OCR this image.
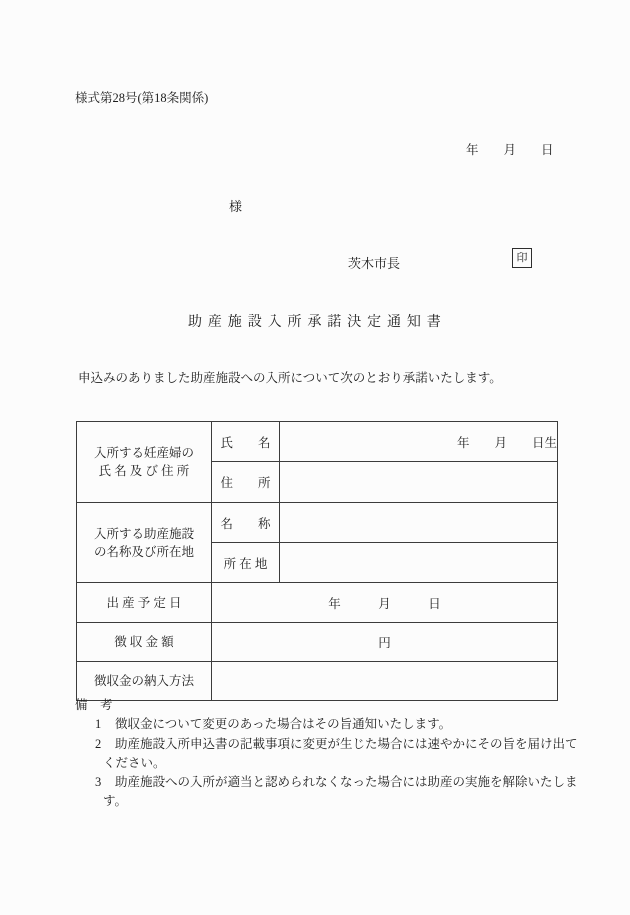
様式第28号(第18条関係)
年　　月　　日
様
茨木市長	印
助 産 施 設 入 所 承 諾 決 定 通 知 書
申込みのありました助産施設への入所について次のとおり承諾いたします。
入所する妊産婦の
氏 名 及 び 住 所	氏　　名	年　　月　　日生
	住　　所	

入所する助産施設
の名称及び所在地	名　　称	
	所 在 地	
出 産 予 定 日	年　　　月　　　日	
徴 収 金 額	円	
徴収金の納入方法		
備　考
1	徴収金について変更のあった場合はその旨通知いたします。
2	助産施設入所申込書の記載事項に変更が生じた場合には速やかにその旨を届け出て
ください。
3	助産施設への入所が適当と認められなくなった場合には助産の実施を解除いたしま
す。
